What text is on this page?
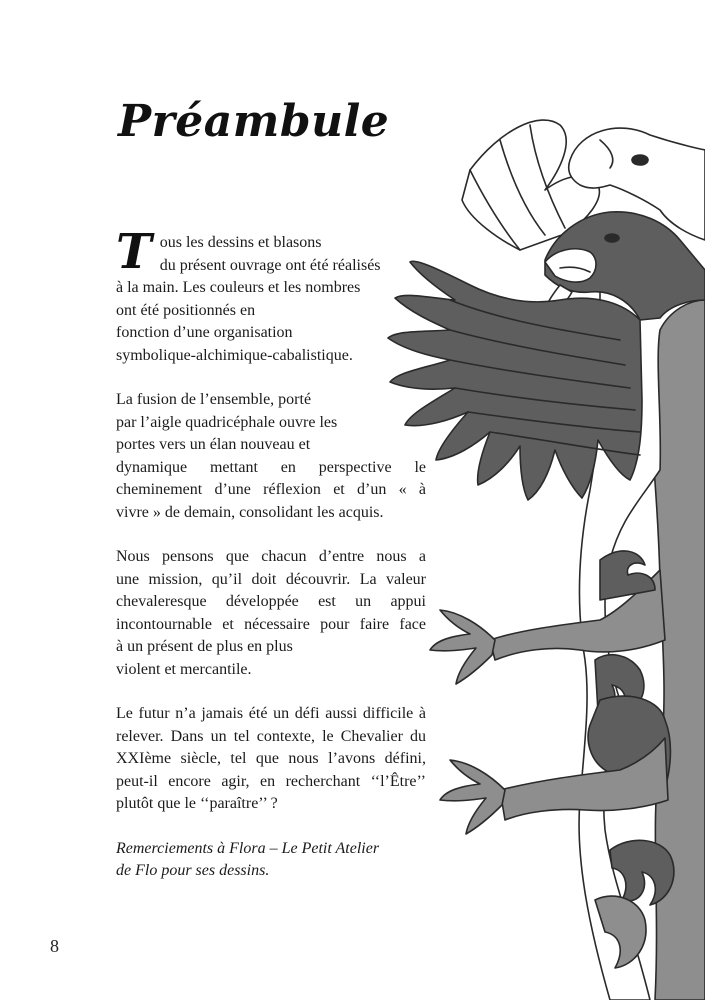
Préambule

T ous les dessins et blasons
du présent ouvrage ont été réalisés
à la main. Les couleurs et les nombres
ont été positionnés en
fonction d’une organisation
symbolique-alchimique-cabalistique.

La fusion de l’ensemble, porté
par l’aigle quadricéphale ouvre les
portes vers un élan nouveau et
dynamique mettant en perspective le
cheminement d’une réflexion et d’un « à
vivre » de demain, consolidant les acquis.

Nous pensons que chacun d’entre nous a
une mission, qu’il doit découvrir. La valeur
chevaleresque développée est un appui
incontournable et nécessaire pour faire face
à un présent de plus en plus
violent et mercantile.

Le futur n’a jamais été un défi aussi difficile à
relever. Dans un tel contexte, le Chevalier du
XXIème siècle, tel que nous l’avons défini,
peut-il encore agir, en recherchant ‘‘l’Être’’
plutôt que le ‘‘paraître’’ ?

Remerciements à Flora – Le Petit Atelier
de Flo pour ses dessins.

8
